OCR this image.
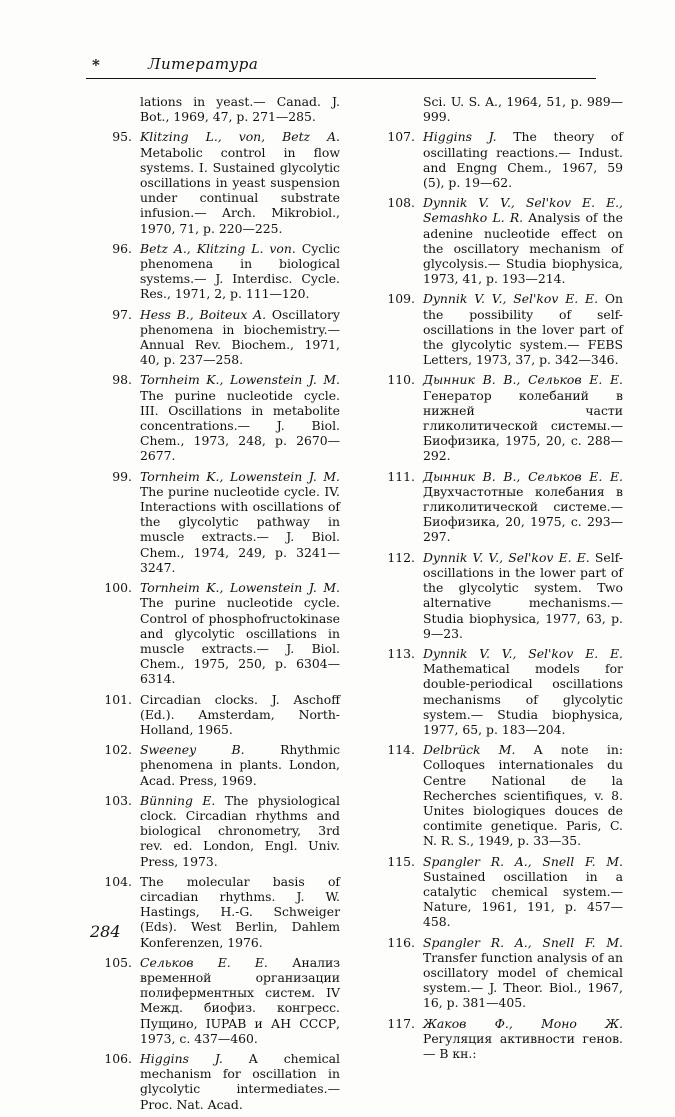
*	Литература
lations in yeast.— Canad. J. Bot., 1969, 47, p. 271—285.
95. Klitzing L., von, Betz A. Metabolic control in flow systems. I. Sustained glycolytic oscillations in yeast suspension under continual substrate infusion.— Arch. Mikrobiol., 1970, 71, p. 220—225.
96. Betz A., Klitzing L. von. Cyclic phenomena in biological systems.— J. Interdisc. Cycle. Res., 1971, 2, p. 111—120.
97. Hess B., Boiteux A. Oscillatory phenomena in biochemistry.— Annual Rev. Biochem., 1971, 40, p. 237—258.
98. Tornheim K., Lowenstein J. M. The purine nucleotide cycle. III. Oscillations in metabolite concentrations.— J. Biol. Chem., 1973, 248, p. 2670—2677.
99. Tornheim K., Lowenstein J. M. The purine nucleotide cycle. IV. Interactions with oscillations of the glycolytic pathway in muscle extracts.— J. Biol. Chem., 1974, 249, p. 3241—3247.
100. Tornheim K., Lowenstein J. M. The purine nucleotide cycle. Control of phosphofructokinase and glycolytic oscillations in muscle extracts.— J. Biol. Chem., 1975, 250, p. 6304—6314.
101. Circadian clocks. J. Aschoff (Ed.). Amsterdam, North-Holland, 1965.
102. Sweeney B. Rhythmic phenomena in plants. London, Acad. Press, 1969.
103. Bünning E. The physiological clock. Circadian rhythms and biological chronometry, 3rd rev. ed. London, Engl. Univ. Press, 1973.
104. The molecular basis of circadian rhythms. J. W. Hastings, H.-G. Schweiger (Eds). West Berlin, Dahlem Konferenzen, 1976.
105. Сельков Е. Е. Анализ временной организации полиферментных систем. IV Межд. биофиз. конгресс. Пущино, IUPAB и АН СССР, 1973, с. 437—460.
106. Higgins J. A chemical mechanism for oscillation in glycolytic intermediates.— Proc. Nat. Acad.
Sci. U. S. A., 1964, 51, p. 989—999.
107. Higgins J. The theory of oscillating reactions.— Indust. and Engng Chem., 1967, 59 (5), p. 19—62.
108. Dynnik V. V., Sel'kov E. E., Semashko L. R. Analysis of the adenine nucleotide effect on the oscillatory mechanism of glycolysis.— Studia biophysica, 1973, 41, p. 193—214.
109. Dynnik V. V., Sel'kov E. E. On the possibility of self-oscillations in the lover part of the glycolytic system.— FEBS Letters, 1973, 37, p. 342—346.
110. Дынник В. В., Сельков Е. Е. Генератор колебаний в нижней части гликолитической системы.— Биофизика, 1975, 20, с. 288—292.
111. Дынник В. В., Сельков Е. Е. Двухчастотные колебания в гликолитической системе.— Биофизика, 20, 1975, с. 293—297.
112. Dynnik V. V., Sel'kov E. E. Self-oscillations in the lower part of the glycolytic system. Two alternative mechanisms.— Studia biophysica, 1977, 63, p. 9—23.
113. Dynnik V. V., Sel'kov E. E. Mathematical models for double-periodical oscillations mechanisms of glycolytic system.— Studia biophysica, 1977, 65, p. 183—204.
114. Delbrück M. A note in: Colloques internationales du Centre National de la Recherches scientifiques, v. 8. Unites biologiques douces de contimite genetique. Paris, C. N. R. S., 1949, p. 33—35.
115. Spangler R. A., Snell F. M. Sustained oscillation in a catalytic chemical system.— Nature, 1961, 191, p. 457—458.
116. Spangler R. A., Snell F. M. Transfer function analysis of an oscillatory model of chemical system.— J. Theor. Biol., 1967, 16, p. 381—405.
117. Жаков Ф., Моно Ж. Регуляция активности генов.— В кн.:
284
